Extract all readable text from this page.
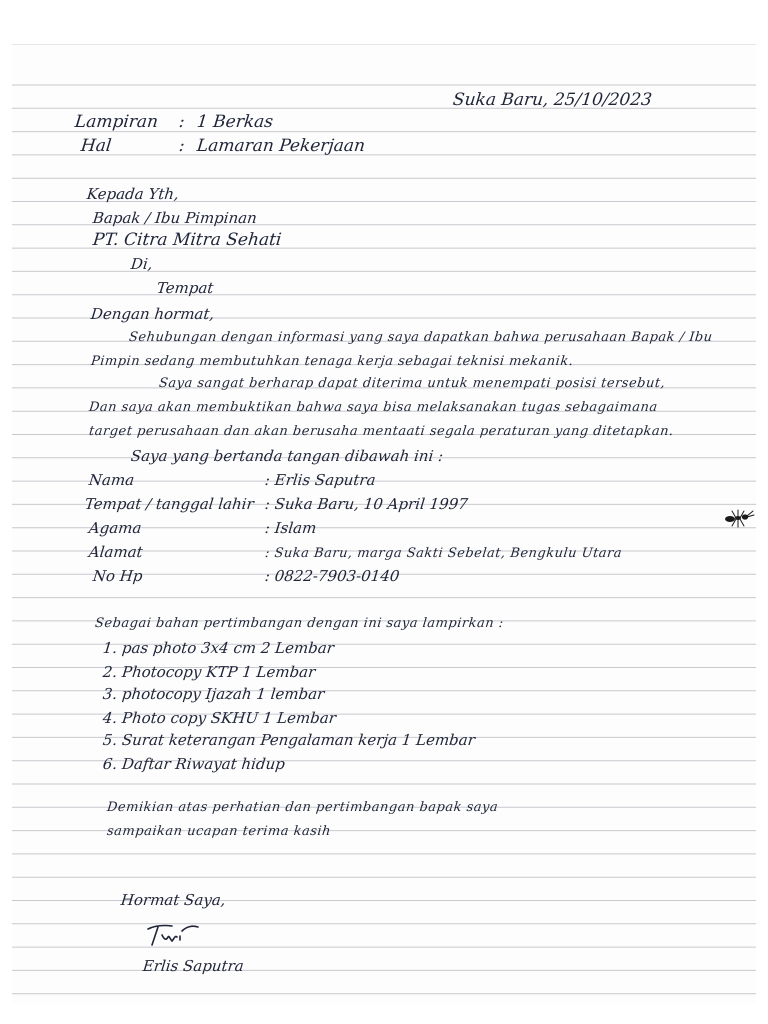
Suka Baru, 25/10/2023
Lampiran : 1 Berkas
Hal	: Lamaran Pekerjaan
Kepada Yth,
Bapak / Ibu Pimpinan
PT. Citra Mitra Sehati
Di,
Tempat
Dengan hormat,
Sehubungan dengan informasi yang saya dapatkan bahwa perusahaan Bapak / Ibu
Pimpin sedang membutuhkan tenaga kerja sebagai teknisi mekanik.
Saya sangat berharap dapat diterima untuk menempati posisi tersebut,
Dan saya akan membuktikan bahwa saya bisa melaksanakan tugas sebagaimana
target perusahaan dan akan berusaha mentaati segala peraturan yang ditetapkan.
Saya yang bertanda tangan dibawah ini :
Nama	: Erlis Saputra
Tempat / tanggal lahir : Suka Baru, 10 April 1997
Agama	: Islam
Alamat	: Suka Baru, marga Sakti Sebelat, Bengkulu Utara
No Hp	: 0822-7903-0140
Sebagai bahan pertimbangan dengan ini saya lampirkan :
1. pas photo 3x4 cm 2 Lembar
2. Photocopy KTP 1 Lembar
3. photocopy Ijazah 1 lembar
4. Photo copy SKHU 1 Lembar
5. Surat keterangan Pengalaman kerja 1 Lembar
6. Daftar Riwayat hidup
Demikian atas perhatian dan pertimbangan bapak saya
sampaikan ucapan terima kasih
Hormat Saya,
Erlis Saputra
